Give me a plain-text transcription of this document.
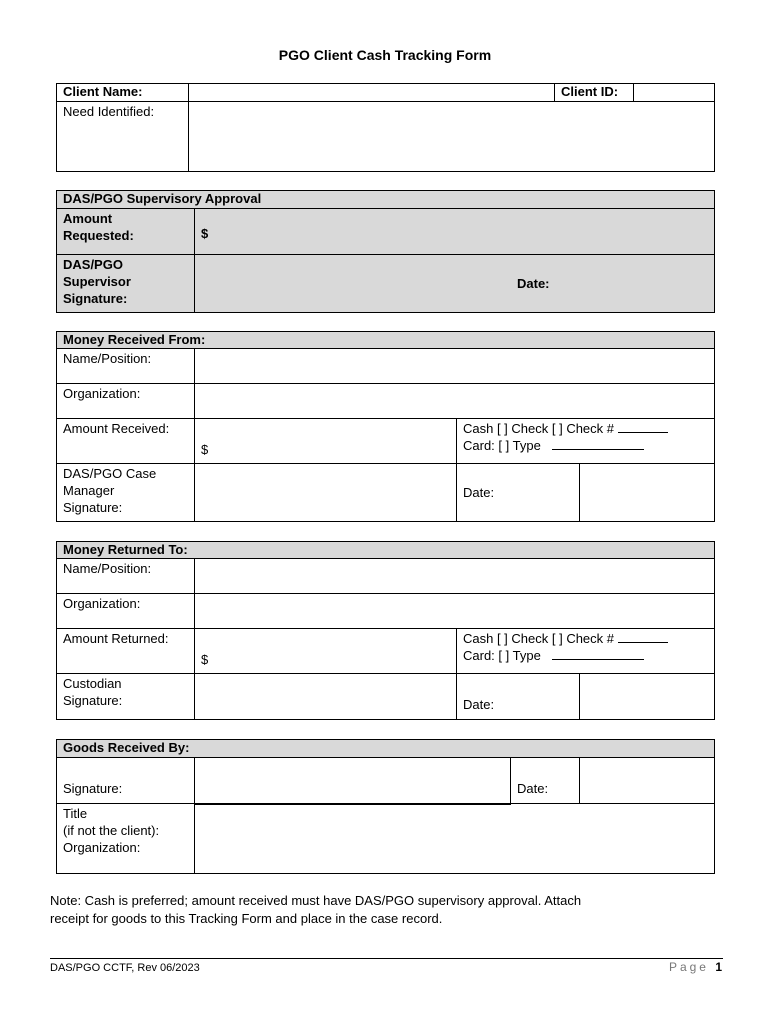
PGO Client Cash Tracking Form
Client Name:		Client ID:	
Need Identified:			
DAS/PGO Supervisory Approval	

Amount
Requested:	$

DAS/PGO
Supervisor
Signature:	Date:
Money Received From:			
Name/Position:			
Organization:			
Amount Received:	$	Cash [ ] Check [ ] Check #
Card: [ ] Type	

DAS/PGO Case
Manager
Signature:		Date:	
Money Returned To:			
Name/Position:			
Organization:			
Amount Returned:	$	Cash [ ] Check [ ] Check #
Card: [ ] Type	

Custodian
Signature:		Date:	
Goods Received By:			
Signature:		Date:	

Title
(if not the client):
Organization:			

Note: Cash is preferred; amount received must have DAS/PGO supervisory approval. Attach
receipt for goods to this Tracking Form and place in the case record.
DAS/PGO CCTF, Rev 06/2023	Page 1
